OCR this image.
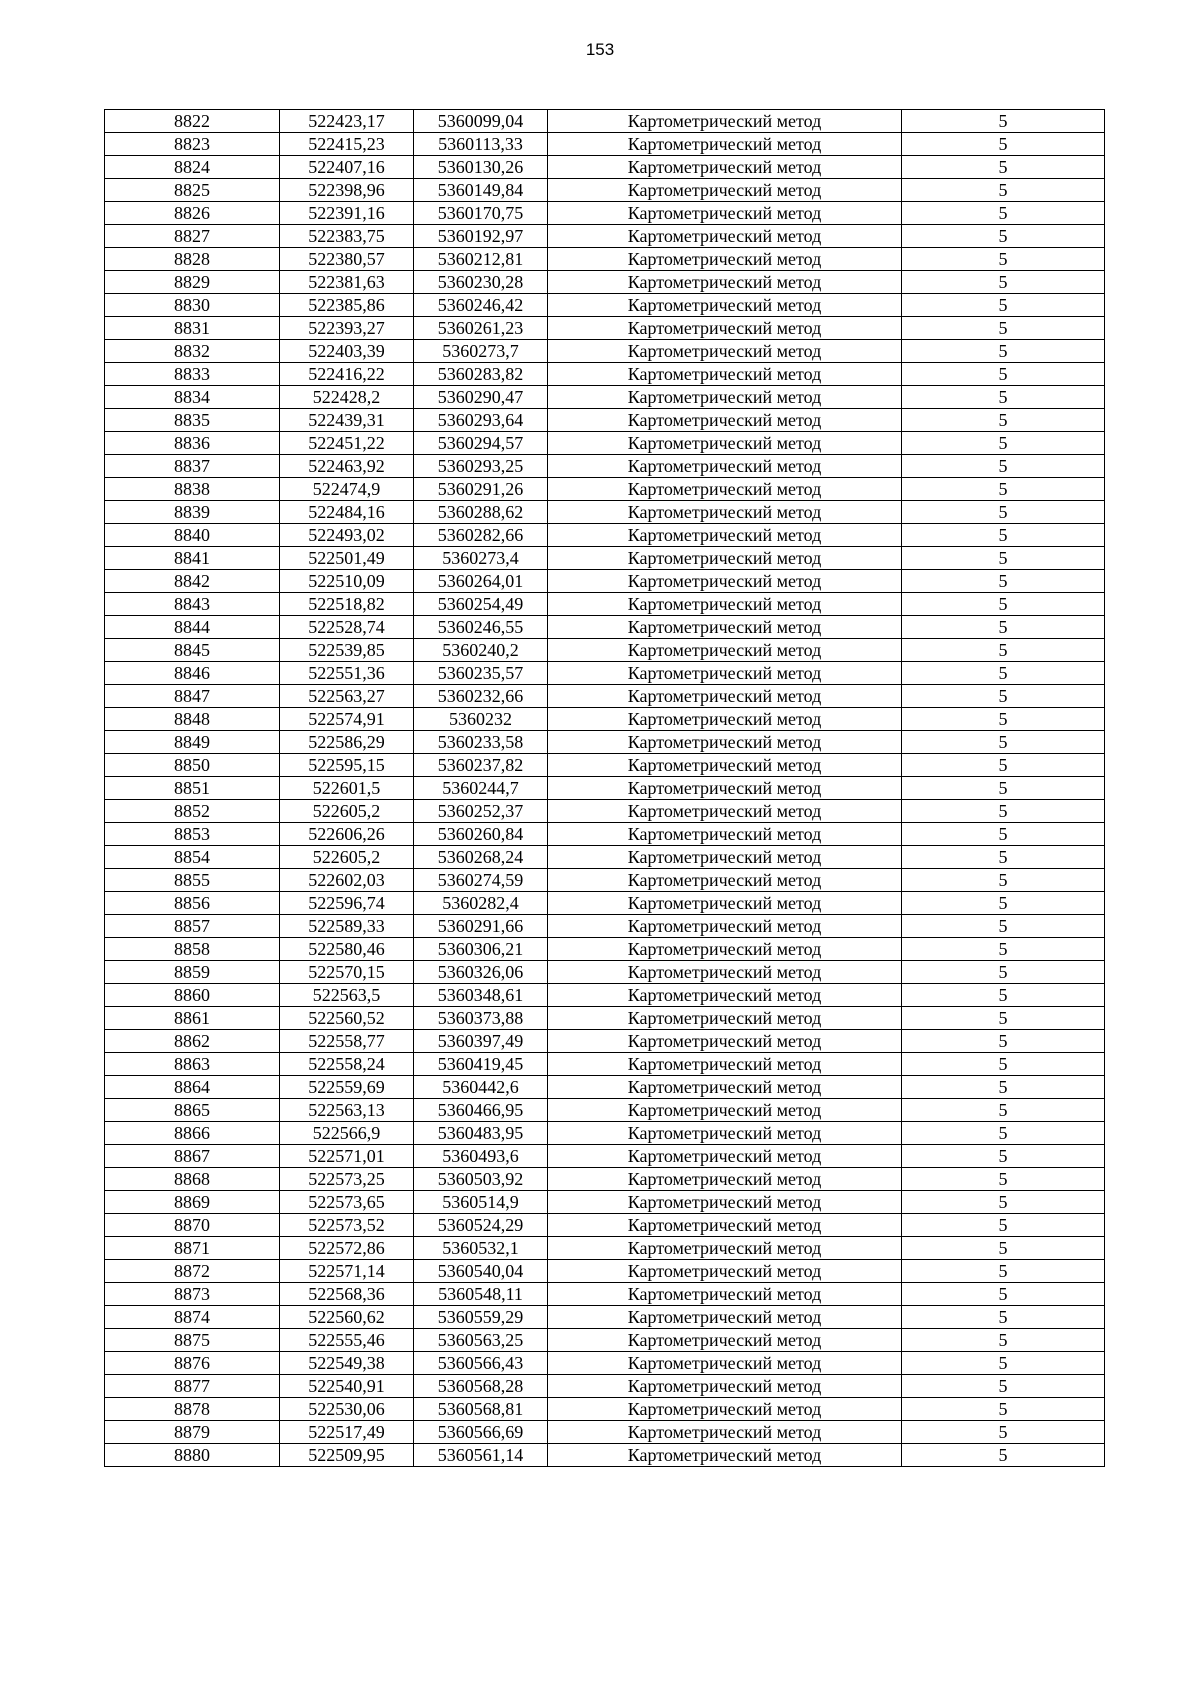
153
8822	522423,17	5360099,04	Картометрический метод	5
8823	522415,23	5360113,33	Картометрический метод	5
8824	522407,16	5360130,26	Картометрический метод	5
8825	522398,96	5360149,84	Картометрический метод	5
8826	522391,16	5360170,75	Картометрический метод	5
8827	522383,75	5360192,97	Картометрический метод	5
8828	522380,57	5360212,81	Картометрический метод	5
8829	522381,63	5360230,28	Картометрический метод	5
8830	522385,86	5360246,42	Картометрический метод	5
8831	522393,27	5360261,23	Картометрический метод	5
8832	522403,39	5360273,7	Картометрический метод	5
8833	522416,22	5360283,82	Картометрический метод	5
8834	522428,2	5360290,47	Картометрический метод	5
8835	522439,31	5360293,64	Картометрический метод	5
8836	522451,22	5360294,57	Картометрический метод	5
8837	522463,92	5360293,25	Картометрический метод	5
8838	522474,9	5360291,26	Картометрический метод	5
8839	522484,16	5360288,62	Картометрический метод	5
8840	522493,02	5360282,66	Картометрический метод	5
8841	522501,49	5360273,4	Картометрический метод	5
8842	522510,09	5360264,01	Картометрический метод	5
8843	522518,82	5360254,49	Картометрический метод	5
8844	522528,74	5360246,55	Картометрический метод	5
8845	522539,85	5360240,2	Картометрический метод	5
8846	522551,36	5360235,57	Картометрический метод	5
8847	522563,27	5360232,66	Картометрический метод	5
8848	522574,91	5360232	Картометрический метод	5
8849	522586,29	5360233,58	Картометрический метод	5
8850	522595,15	5360237,82	Картометрический метод	5
8851	522601,5	5360244,7	Картометрический метод	5
8852	522605,2	5360252,37	Картометрический метод	5
8853	522606,26	5360260,84	Картометрический метод	5
8854	522605,2	5360268,24	Картометрический метод	5
8855	522602,03	5360274,59	Картометрический метод	5
8856	522596,74	5360282,4	Картометрический метод	5
8857	522589,33	5360291,66	Картометрический метод	5
8858	522580,46	5360306,21	Картометрический метод	5
8859	522570,15	5360326,06	Картометрический метод	5
8860	522563,5	5360348,61	Картометрический метод	5
8861	522560,52	5360373,88	Картометрический метод	5
8862	522558,77	5360397,49	Картометрический метод	5
8863	522558,24	5360419,45	Картометрический метод	5
8864	522559,69	5360442,6	Картометрический метод	5
8865	522563,13	5360466,95	Картометрический метод	5
8866	522566,9	5360483,95	Картометрический метод	5
8867	522571,01	5360493,6	Картометрический метод	5
8868	522573,25	5360503,92	Картометрический метод	5
8869	522573,65	5360514,9	Картометрический метод	5
8870	522573,52	5360524,29	Картометрический метод	5
8871	522572,86	5360532,1	Картометрический метод	5
8872	522571,14	5360540,04	Картометрический метод	5
8873	522568,36	5360548,11	Картометрический метод	5
8874	522560,62	5360559,29	Картометрический метод	5
8875	522555,46	5360563,25	Картометрический метод	5
8876	522549,38	5360566,43	Картометрический метод	5
8877	522540,91	5360568,28	Картометрический метод	5
8878	522530,06	5360568,81	Картометрический метод	5
8879	522517,49	5360566,69	Картометрический метод	5
8880	522509,95	5360561,14	Картометрический метод	5
